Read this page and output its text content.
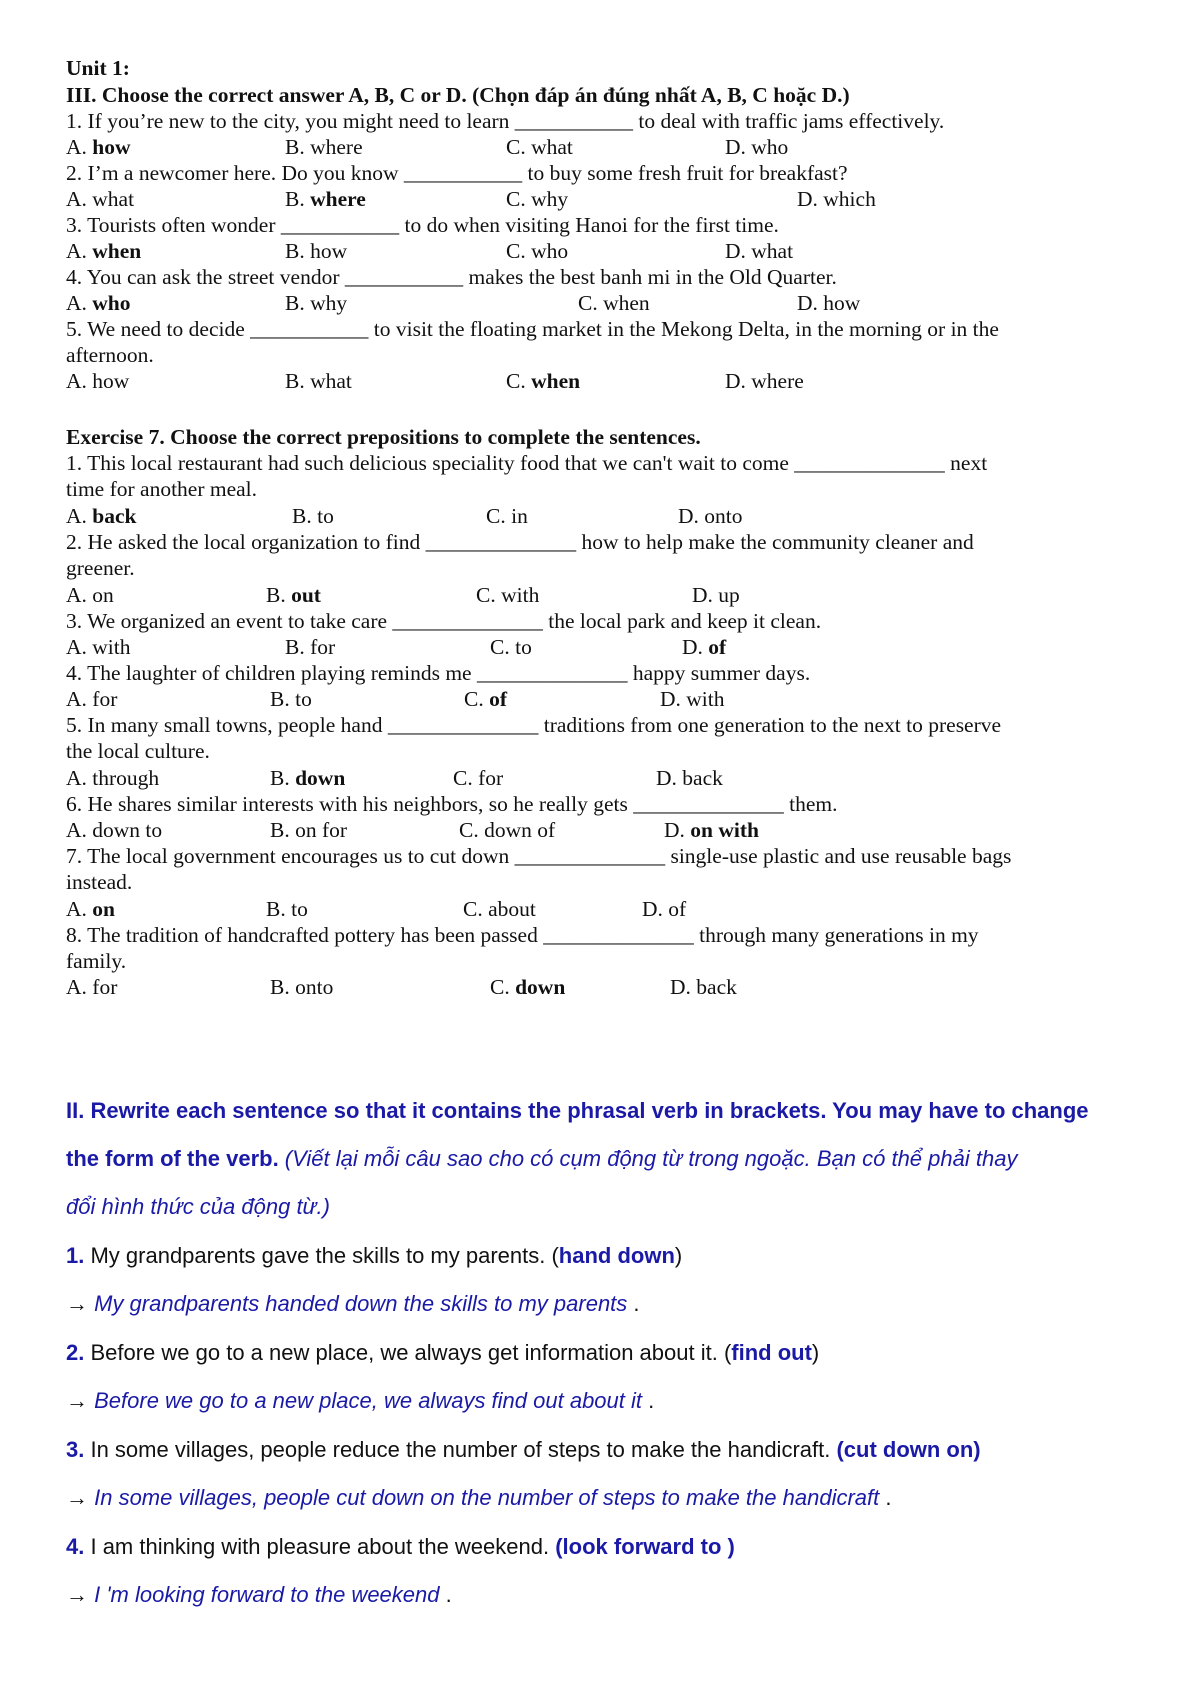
Unit 1:
III. Choose the correct answer A, B, C or D. (Chọn đáp án đúng nhất A, B, C hoặc D.)
1. If you’re new to the city, you might need to learn ___________ to deal with traffic jams effectively.
A. how	B. where	C. what	D. who
2. I’m a newcomer here. Do you know ___________ to buy some fresh fruit for breakfast?
A. what	B. where	C. why	D. which
3. Tourists often wonder ___________ to do when visiting Hanoi for the first time.
A. when	B. how	C. who	D. what
4. You can ask the street vendor ___________ makes the best banh mi in the Old Quarter.
A. who	B. why	C. when	D. how
5. We need to decide ___________ to visit the floating market in the Mekong Delta, in the morning or in the
afternoon.
A. how	B. what	C. when	D. where
Exercise 7. Choose the correct prepositions to complete the sentences.
1. This local restaurant had such delicious speciality food that we can't wait to come ______________ next
time for another meal.
A. back	B. to	C. in	D. onto
2. He asked the local organization to find ______________ how to help make the community cleaner and
greener.
A. on	B. out	C. with	D. up
3. We organized an event to take care ______________ the local park and keep it clean.
A. with	B. for	C. to	D. of
4. The laughter of children playing reminds me ______________ happy summer days.
A. for	B. to	C. of	D. with
5. In many small towns, people hand ______________ traditions from one generation to the next to preserve
the local culture.
A. through	B. down	C. for	D. back
6. He shares similar interests with his neighbors, so he really gets ______________ them.
A. down to	B. on for	C. down of	D. on with
7. The local government encourages us to cut down ______________ single-use plastic and use reusable bags
instead.
A. on	B. to	C. about	D. of
8. The tradition of handcrafted pottery has been passed ______________ through many generations in my
family.
A. for	B. onto	C. down	D. back
II. Rewrite each sentence so that it contains the phrasal verb in brackets. You may have to change
the form of the verb. (Viết lại mỗi câu sao cho có cụm động từ trong ngoặc. Bạn có thể phải thay
đổi hình thức của động từ.)
1. My grandparents gave the skills to my parents. (hand down)
→ My grandparents handed down the skills to my parents .
2. Before we go to a new place, we always get information about it. (find out)
→ Before we go to a new place, we always find out about it .
3. In some villages, people reduce the number of steps to make the handicraft. (cut down on)
→ In some villages, people cut down on the number of steps to make the handicraft .
4. I am thinking with pleasure about the weekend. (look forward to )
→ I 'm looking forward to the weekend .
